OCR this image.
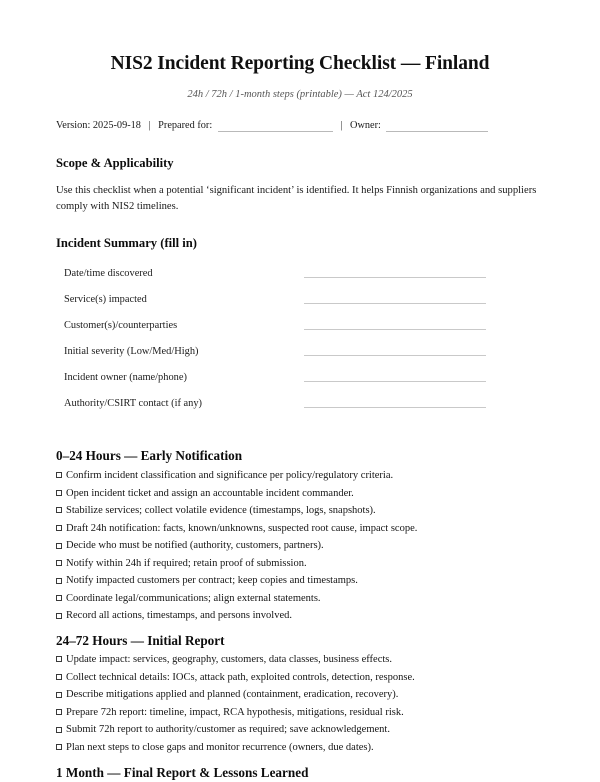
NIS2 Incident Reporting Checklist — Finland
24h / 72h / 1-month steps (printable) — Act 124/2025
Version: 2025-09-18 | Prepared for:	| Owner:
Scope & Applicability

Use this checklist when a potential ‘significant incident’ is identified. It helps Finnish organizations and suppliers comply with NIS2 timelines.

Incident Summary (fill in)
Date/time discovered	

Service(s) impacted	

Customer(s)/counterparties	

Initial severity (Low/Med/High)	

Incident owner (name/phone)	

Authority/CSIRT contact (if any)	
0–24 Hours — Early Notification
Confirm incident classification and significance per policy/regulatory criteria.
Open incident ticket and assign an accountable incident commander.
Stabilize services; collect volatile evidence (timestamps, logs, snapshots).
Draft 24h notification: facts, known/unknowns, suspected root cause, impact scope.
Decide who must be notified (authority, customers, partners).
Notify within 24h if required; retain proof of submission.
Notify impacted customers per contract; keep copies and timestamps.
Coordinate legal/communications; align external statements.
Record all actions, timestamps, and persons involved.
24–72 Hours — Initial Report
Update impact: services, geography, customers, data classes, business effects.
Collect technical details: IOCs, attack path, exploited controls, detection, response.
Describe mitigations applied and planned (containment, eradication, recovery).
Prepare 72h report: timeline, impact, RCA hypothesis, mitigations, residual risk.
Submit 72h report to authority/customer as required; save acknowledgement.
Plan next steps to close gaps and monitor recurrence (owners, due dates).
1 Month — Final Report & Lessons Learned
